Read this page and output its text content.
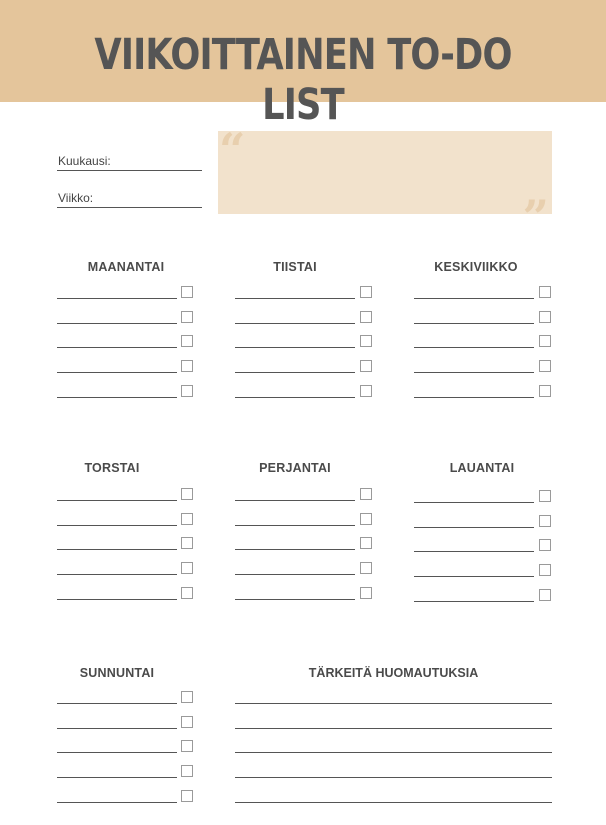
VIIKOITTAINEN TO-DO LIST
Kuukausi:
Viikko:
“
”
MAANANTAI	TIISTAI	KESKIVIIKKO
TORSTAI	PERJANTAI	LAUANTAI
SUNNUNTAI	TÄRKEITÄ HUOMAUTUKSIA
